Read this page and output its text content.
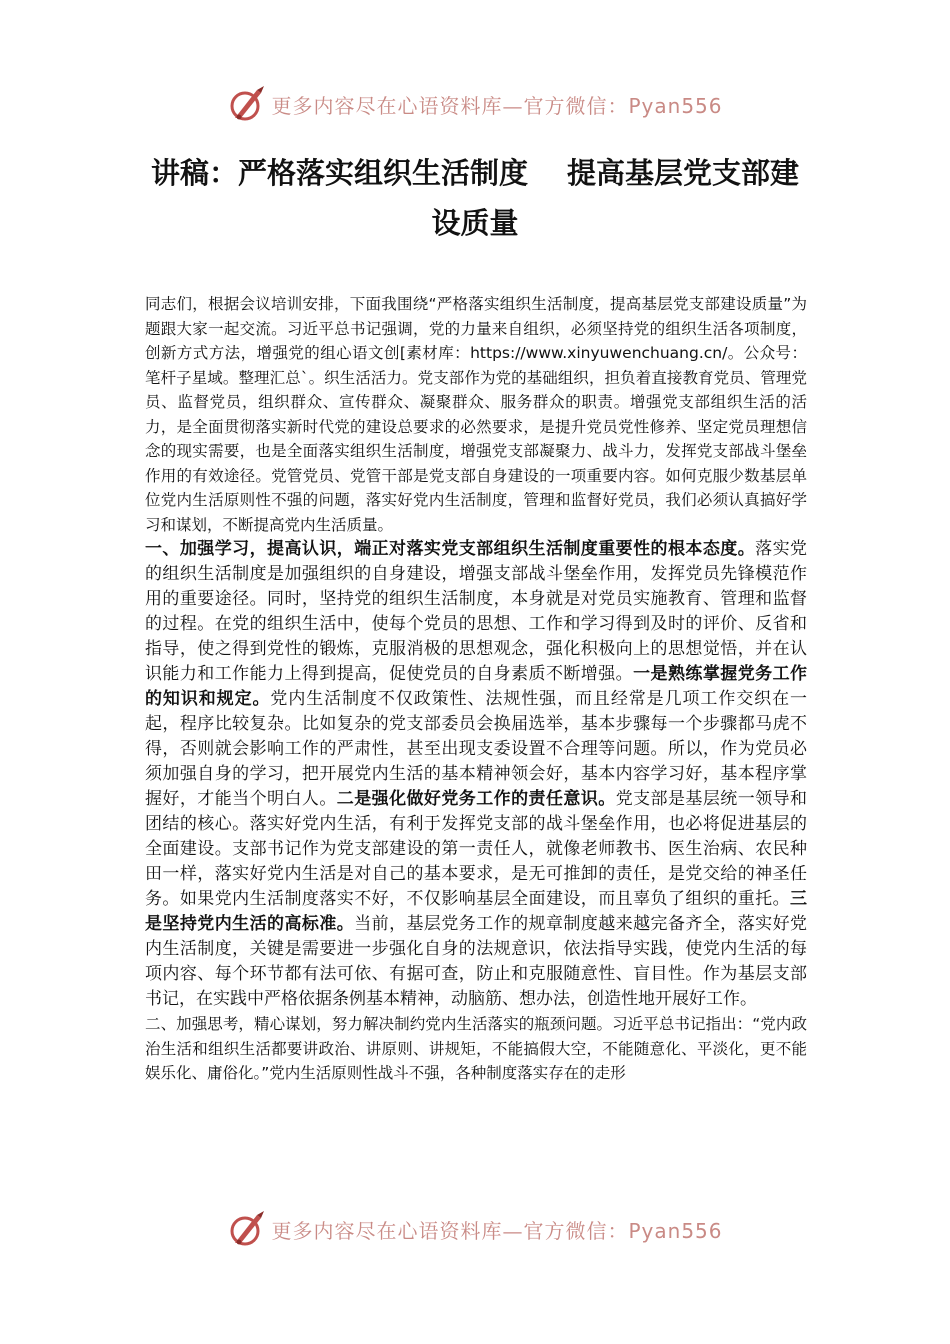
更多内容尽在心语资料库—官方微信：Pyan556
讲稿：严格落实组织生活制度　 提高基层党支部建设质量

同志们，根据会议培训安排，下面我围绕“严格落实组织生活制度，提高基层党支部建设质量”为题跟大家一起交流。习近平总书记强调，党的力量来自组织，必须坚持党的组织生活各项制度，创新方式方法，增强党的组心语文创[素材库：https://www.xinyuwenchuang.cn/。公众号：笔杆子星域。整理汇总`。织生活活力。党支部作为党的基础组织，担负着直接教育党员、管理党员、监督党员，组织群众、宣传群众、凝聚群众、服务群众的职责。增强党支部组织生活的活力，是全面贯彻落实新时代党的建设总要求的必然要求，是提升党员党性修养、坚定党员理想信念的现实需要，也是全面落实组织生活制度，增强党支部凝聚力、战斗力，发挥党支部战斗堡垒作用的有效途径。党管党员、党管干部是党支部自身建设的一项重要内容。如何克服少数基层单位党内生活原则性不强的问题，落实好党内生活制度，管理和监督好党员，我们必须认真搞好学习和谋划，不断提高党内生活质量。

一、加强学习，提高认识，端正对落实党支部组织生活制度重要性的根本态度。落实党的组织生活制度是加强组织的自身建设，增强支部战斗堡垒作用，发挥党员先锋模范作用的重要途径。同时，坚持党的组织生活制度，本身就是对党员实施教育、管理和监督的过程。在党的组织生活中，使每个党员的思想、工作和学习得到及时的评价、反省和指导，使之得到党性的锻炼，克服消极的思想观念，强化积极向上的思想觉悟，并在认识能力和工作能力上得到提高，促使党员的自身素质不断增强。一是熟练掌握党务工作的知识和规定。党内生活制度不仅政策性、法规性强，而且经常是几项工作交织在一起，程序比较复杂。比如复杂的党支部委员会换届选举，基本步骤每一个步骤都马虎不得，否则就会影响工作的严肃性，甚至出现支委设置不合理等问题。所以，作为党员必须加强自身的学习，把开展党内生活的基本精神领会好，基本内容学习好，基本程序掌握好，才能当个明白人。二是强化做好党务工作的责任意识。党支部是基层统一领导和团结的核心。落实好党内生活，有利于发挥党支部的战斗堡垒作用，也必将促进基层的全面建设。支部书记作为党支部建设的第一责任人，就像老师教书、医生治病、农民种田一样，落实好党内生活是对自己的基本要求，是无可推卸的责任，是党交给的神圣任务。如果党内生活制度落实不好，不仅影响基层全面建设，而且辜负了组织的重托。三是坚持党内生活的高标准。当前，基层党务工作的规章制度越来越完备齐全，落实好党内生活制度，关键是需要进一步强化自身的法规意识，依法指导实践，使党内生活的每项内容、每个环节都有法可依、有据可查，防止和克服随意性、盲目性。作为基层支部书记，在实践中严格依据条例基本精神，动脑筋、想办法，创造性地开展好工作。

二、加强思考，精心谋划，努力解决制约党内生活落实的瓶颈问题。习近平总书记指出：“党内政治生活和组织生活都要讲政治、讲原则、讲规矩，不能搞假大空，不能随意化、平淡化，更不能娱乐化、庸俗化。”党内生活原则性战斗不强，各种制度落实存在的走形

更多内容尽在心语资料库—官方微信：Pyan556
